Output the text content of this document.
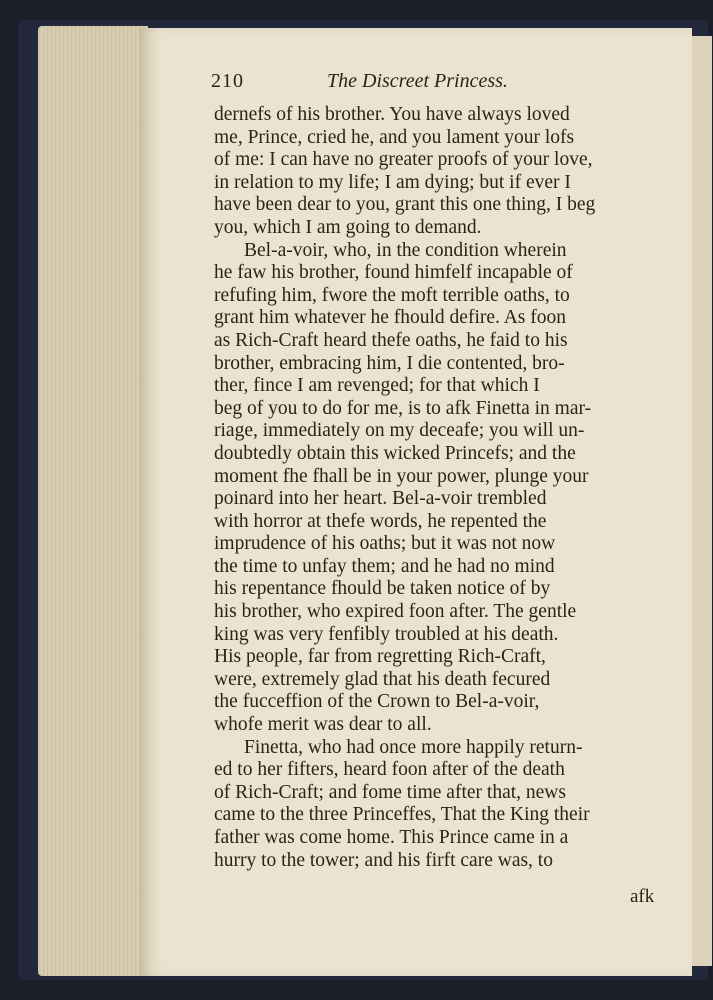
210	The Discreet Princess.
dernefs of his brother. You have always loved
me, Prince, cried he, and you lament your lofs
of me: I can have no greater proofs of your love,
in relation to my life; I am dying; but if ever I
have been dear to you, grant this one thing, I beg
you, which I am going to demand.
Bel-a-voir, who, in the condition wherein
he faw his brother, found himfelf incapable of
refufing him, fwore the moft terrible oaths, to
grant him whatever he fhould defire. As foon
as Rich-Craft heard thefe oaths, he faid to his
brother, embracing him, I die contented, bro-
ther, fince I am revenged; for that which I
beg of you to do for me, is to afk Finetta in mar-
riage, immediately on my deceafe; you will un-
doubtedly obtain this wicked Princefs; and the
moment fhe fhall be in your power, plunge your
poinard into her heart. Bel-a-voir trembled
with horror at thefe words, he repented the
imprudence of his oaths; but it was not now
the time to unfay them; and he had no mind
his repentance fhould be taken notice of by
his brother, who expired foon after. The gentle
king was very fenfibly troubled at his death.
His people, far from regretting Rich-Craft,
were, extremely glad that his death fecured
the fucceffion of the Crown to Bel-a-voir,
whofe merit was dear to all.
Finetta, who had once more happily return-
ed to her fifters, heard foon after of the death
of Rich-Craft; and fome time after that, news
came to the three Princeffes, That the King their
father was come home. This Prince came in a
hurry to the tower; and his firft care was, to
afk
